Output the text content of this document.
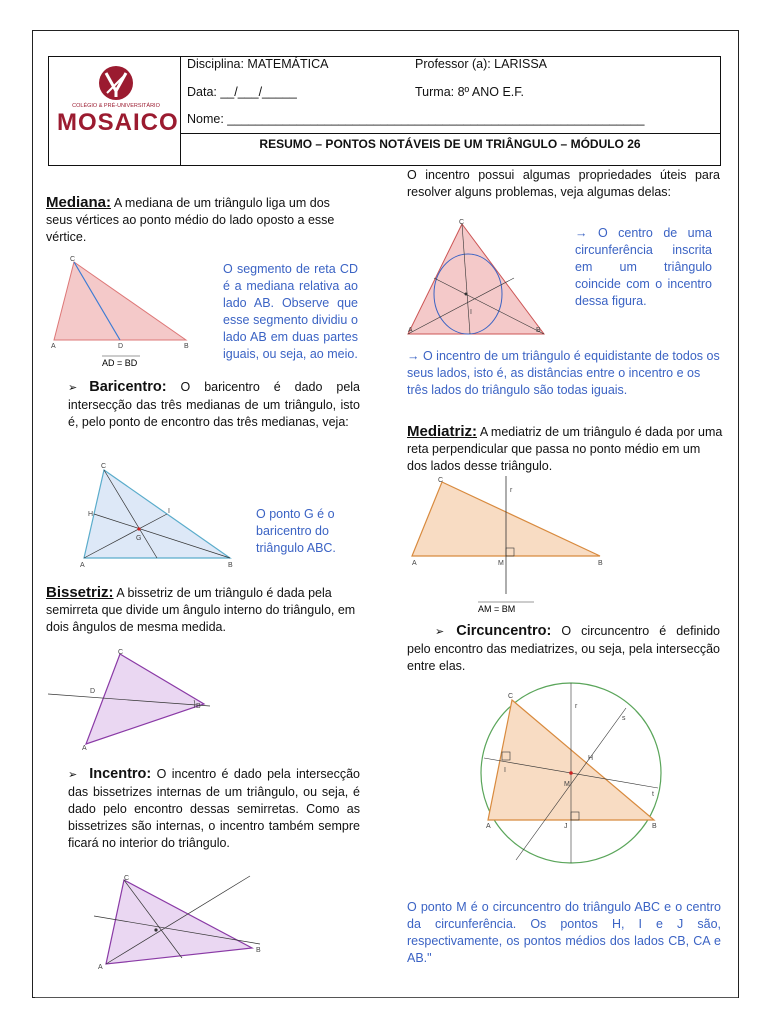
COLÉGIO & PRÉ-UNIVERSITÁRIO
MOSAICO
Disciplina: MATEMÁTICA	Professor (a): LARISSA
Data: __/___/_____	Turma: 8º ANO E.F.
Nome: ____________________________________________________________
RESUMO – PONTOS NOTÁVEIS DE UM TRIÂNGULO – MÓDULO 26
Mediana: A mediana de um triângulo liga um dos seus vértices ao ponto médio do lado oposto a esse vértice.
C
A	B
D
AD = BD
O segmento de reta CD é a mediana relativa ao lado AB. Observe que esse segmento dividiu o lado AB em duas partes iguais, ou seja, ao meio.
➢ Baricentro: O baricentro é dado pela intersecção das três medianas de um triângulo, isto é, pelo ponto de encontro das três medianas, veja:
C
A	B
H	I
G
O ponto G é o baricentro do triângulo ABC.
Bissetriz: A bissetriz de um triângulo é dada pela semirreta que divide um ângulo interno do triângulo, em dois ângulos de mesma medida.
C
A
B
D
➢ Incentro: O incentro é dado pela intersecção das bissetrizes internas de um triângulo, ou seja, é dado pelo encontro dessas semirretas. Como as bissetrizes são internas, o incentro também sempre ficará no interior do triângulo.
C
A
B
O incentro possui algumas propriedades úteis para resolver alguns problemas, veja algumas delas:
C
A	B
I
→ O centro de uma circunferência inscrita em um triângulo coincide com o incentro dessa figura.
→ O incentro de um triângulo é equidistante de todos os seus lados, isto é, as distâncias entre o incentro e os três lados do triângulo são todas iguais.
Mediatriz: A mediatriz de um triângulo é dada por uma reta perpendicular que passa no ponto médio em um dos lados desse triângulo.
C
A	B
M
r
AM = BM
➢ Circuncentro: O circuncentro é definido pelo encontro das mediatrizes, ou seja, pela intersecção entre elas.
C
A	B
H
I
J
M
r
s
t
O ponto M é o circuncentro do triângulo ABC e o centro da circunferência. Os pontos H, I e J são, respectivamente, os pontos médios dos lados CB, CA e AB."
